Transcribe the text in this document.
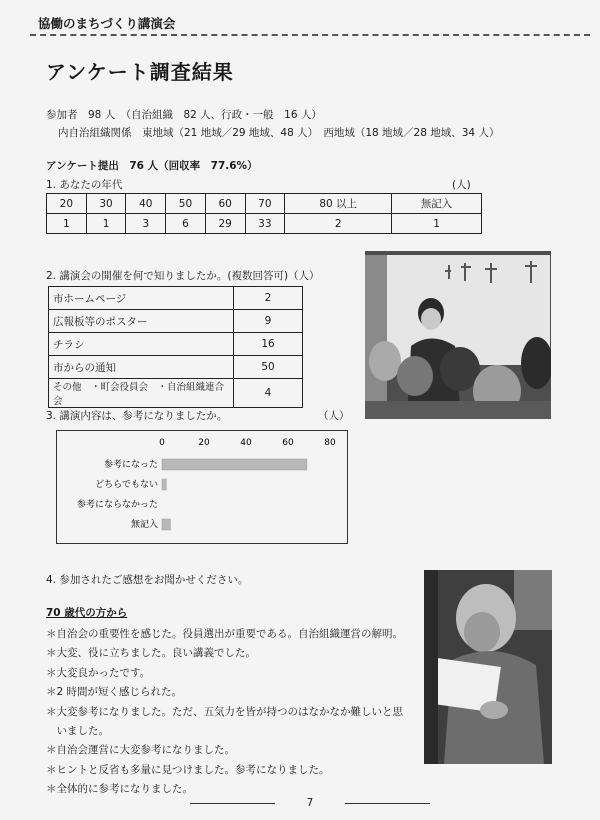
協働のまちづくり講演会
アンケート調査結果
参加者　98 人　（自治組織　82 人、行政・一般　16 人）
内自治組織関係　東地域（21 地域／29 地域、48 人）　西地域（18 地域／28 地域、34 人）
アンケート提出　76 人（回収率　77.6%）
1. あなたの年代	(人)
20	30	40	50	60	70	80 以上	無記入
1	1	3	6	29	33	2	1
2. 講演会の開催を何で知りましたか。(複数回答可)（人）
市ホームページ	2
広報板等のポスター	9
チラシ	16
市からの通知	50
その他　・町会役員会　・自治組織連合会	4
3. 講演内容は、参考になりましたか。	（人）
0	20	40	60	80
参考になった
どちらでもない
参考にならなかった
無記入
4. 参加されたご感想をお聞かせください。
70 歳代の方から
＊自治会の重要性を感じた。役員選出が重要である。自治組織運営の解明。
＊大変、役に立ちました。良い講義でした。
＊大変良かったです。
＊2 時間が短く感じられた。
＊大変参考になりました。ただ、五気力を皆が持つのはなかなか難しいと思
　いました。
＊自治会運営に大変参考になりました。
＊ヒントと反省も多量に見つけました。参考になりました。
＊全体的に参考になりました。
7
